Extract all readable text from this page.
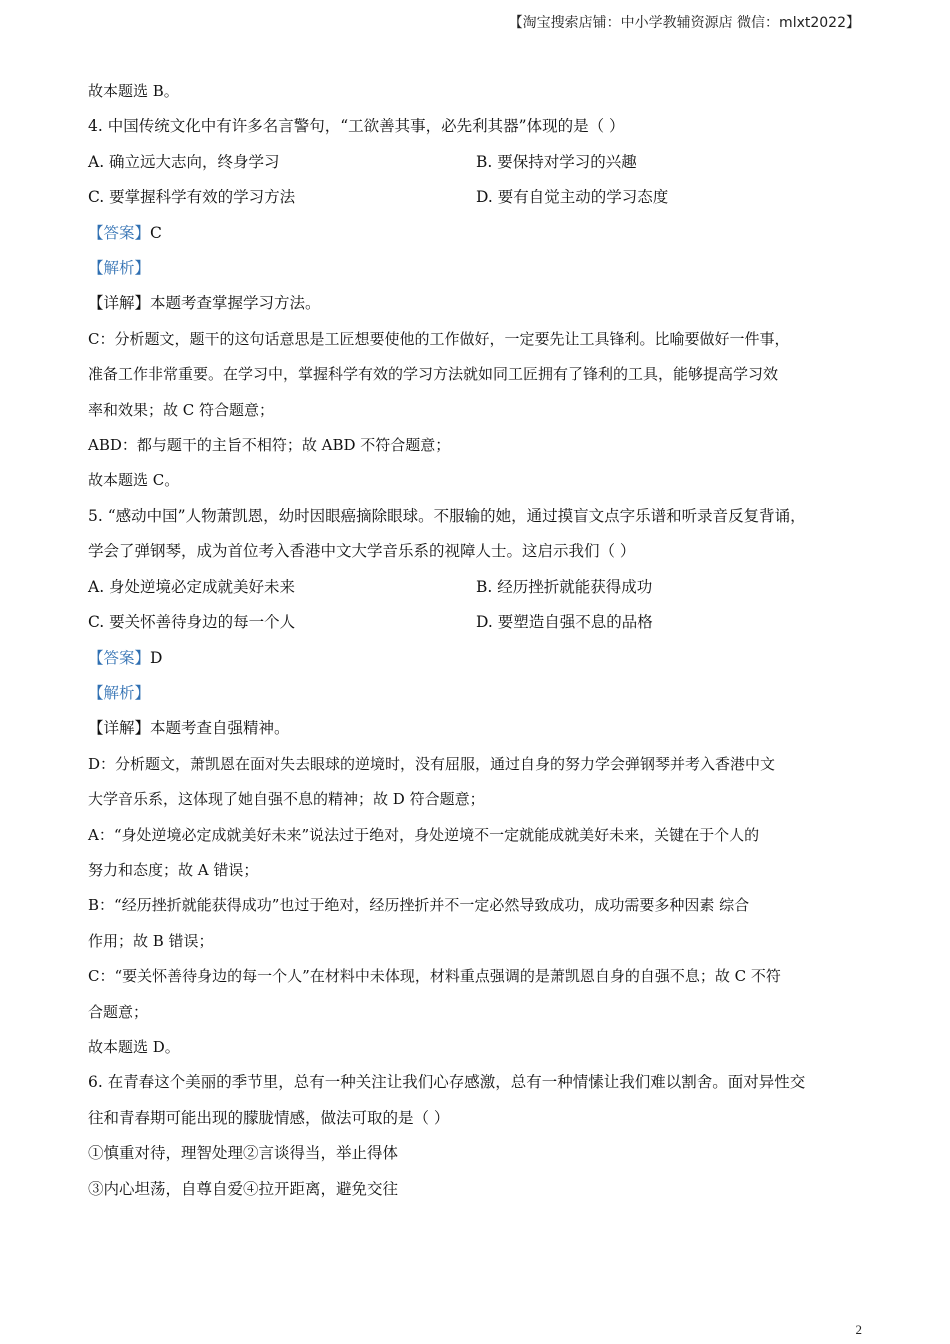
【淘宝搜索店铺：中小学教辅资源店 微信：mlxt2022】
故本题选 B。
4. 中国传统文化中有许多名言警句，“工欲善其事，必先利其器”体现的是（ ）
A. 确立远大志向，终身学习	B. 要保持对学习的兴趣
C. 要掌握科学有效的学习方法	D. 要有自觉主动的学习态度
【答案】C
【解析】
【详解】本题考查掌握学习方法。
C：分析题文，题干的这句话意思是工匠想要使他的工作做好，一定要先让工具锋利。比喻要做好一件事，
准备工作非常重要。在学习中，掌握科学有效的学习方法就如同工匠拥有了锋利的工具，能够提高学习效
率和效果；故 C 符合题意；
ABD：都与题干的主旨不相符；故 ABD 不符合题意；
故本题选 C。
5. “感动中国”人物萧凯恩，幼时因眼癌摘除眼球。不服输的她，通过摸盲文点字乐谱和听录音反复背诵，
学会了弹钢琴，成为首位考入香港中文大学音乐系的视障人士。这启示我们（ ）
A. 身处逆境必定成就美好未来	B. 经历挫折就能获得成功
C. 要关怀善待身边的每一个人	D. 要塑造自强不息的品格
【答案】D
【解析】
【详解】本题考查自强精神。
D：分析题文，萧凯恩在面对失去眼球的逆境时，没有屈服，通过自身的努力学会弹钢琴并考入香港中文
大学音乐系，这体现了她自强不息的精神；故 D 符合题意；
A：“身处逆境必定成就美好未来”说法过于绝对，身处逆境不一定就能成就美好未来，关键在于个人的
努力和态度；故 A 错误；
B：“经历挫折就能获得成功”也过于绝对，经历挫折并不一定必然导致成功，成功需要多种因素 综合
作用；故 B 错误；
C：“要关怀善待身边的每一个人”在材料中未体现，材料重点强调的是萧凯恩自身的自强不息；故 C 不符
合题意；
故本题选 D。
6. 在青春这个美丽的季节里，总有一种关注让我们心存感激，总有一种情愫让我们难以割舍。面对异性交
往和青春期可能出现的朦胧情感，做法可取的是（ ）
①慎重对待，理智处理②言谈得当，举止得体
③内心坦荡，自尊自爱④拉开距离，避免交往
2
